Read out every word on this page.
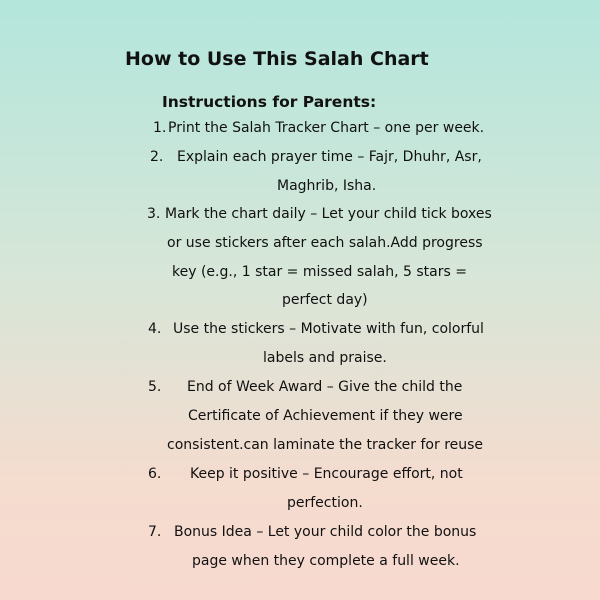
How to Use This Salah Chart
Instructions for Parents:
1. Print the Salah Tracker Chart – one per week.
2. Explain each prayer time – Fajr, Dhuhr, Asr,
Maghrib, Isha.
3. Mark the chart daily – Let your child tick boxes
or use stickers after each salah.Add progress
key (e.g., 1 star = missed salah, 5 stars =
perfect day)
4. Use the stickers – Motivate with fun, colorful
labels and praise.
5. End of Week Award – Give the child the
Certificate of Achievement if they were
consistent.can laminate the tracker for reuse
6. Keep it positive – Encourage effort, not
perfection.
7. Bonus Idea – Let your child color the bonus
page when they complete a full week.
